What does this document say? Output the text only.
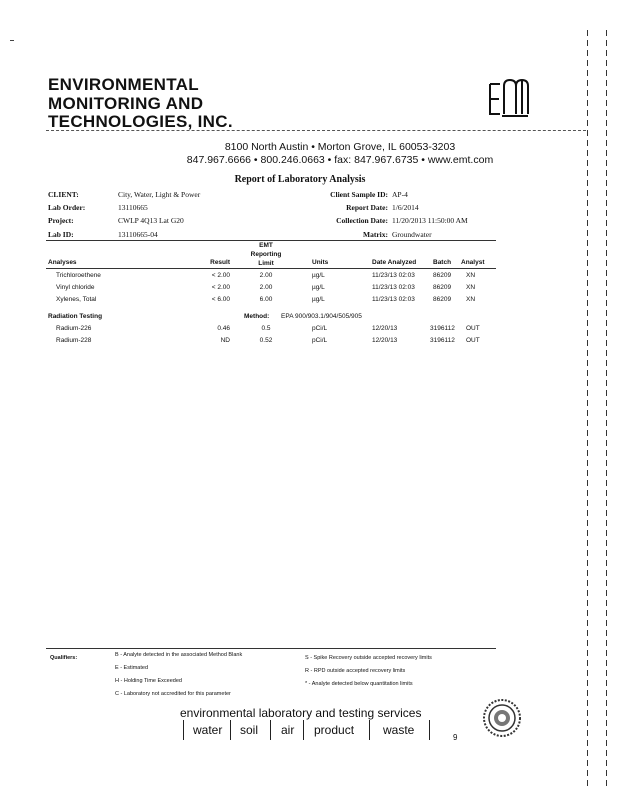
ENVIRONMENTAL
MONITORING AND
TECHNOLOGIES, INC.
8100 North Austin • Morton Grove, IL 60053-3203
847.967.6666 • 800.246.0663 • fax: 847.967.6735 • www.emt.com
Report of Laboratory Analysis
CLIENT:	City, Water, Light & Power
Lab Order:	13110665
Project:	CWLP 4Q13 Lat G20
Lab ID:	13110665-04
Client Sample ID: AP-4
Report Date: 1/6/2014
Collection Date: 11/20/2013 11:50:00 AM
Matrix: Groundwater
Analyses	Result
EMT
Reporting
Limit	Units	Date Analyzed	Batch Analyst
Trichloroethene	< 2.00	2.00	µg/L	11/23/13 02:03	86209 XN
Vinyl chloride	< 2.00	2.00	µg/L	11/23/13 02:03	86209 XN
Xylenes, Total	< 6.00	6.00	µg/L	11/23/13 02:03	86209 XN
Radiation Testing	Method: EPA 900/903.1/904/505/905
Radium-226	0.46	0.5	pCi/L	12/20/13	3196112 OUT
Radium-228	ND	0.52	pCi/L	12/20/13	3196112 OUT
Qualifiers:	B - Analyte detected in the associated Method Blank
E - Estimated
H - Holding Time Exceeded
C - Laboratory not accredited for this parameter
S - Spike Recovery outside accepted recovery limits
R - RPD outside accepted recovery limits
* - Analyte detected below quantitation limits
environmental laboratory and testing services
water soil air product waste
9
